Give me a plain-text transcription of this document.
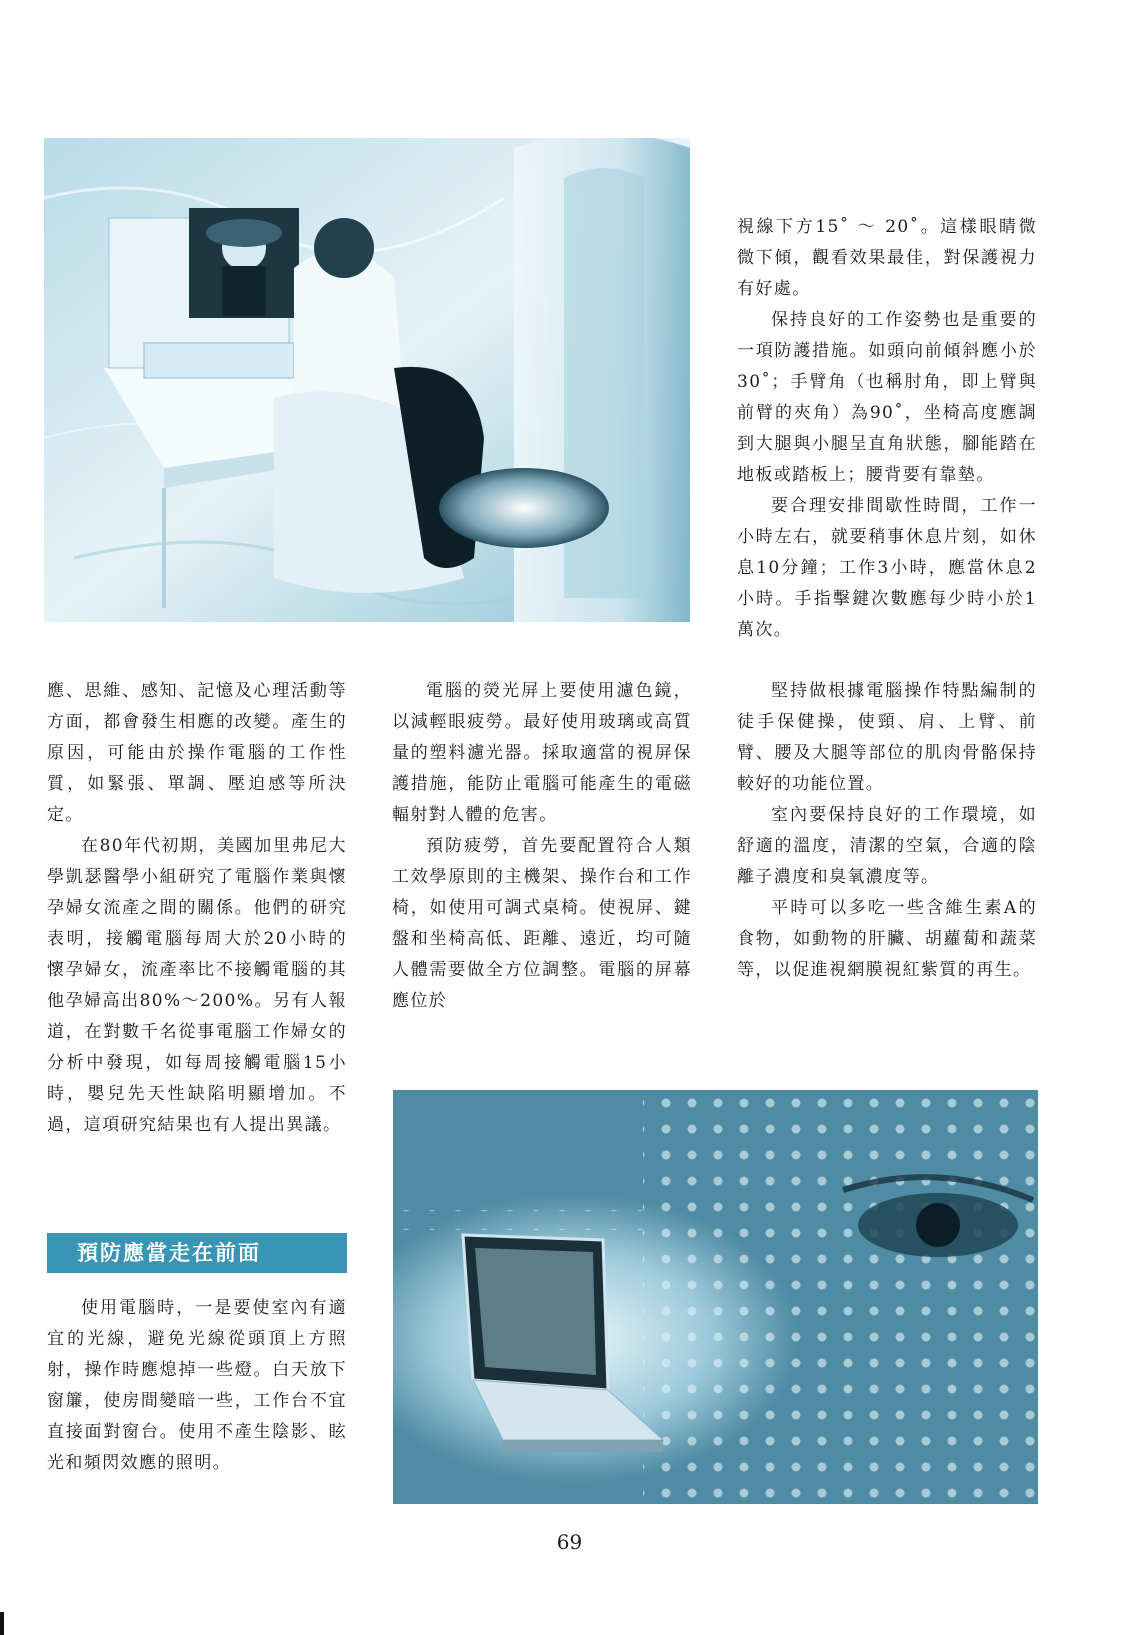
視線下方15˚ ～ 20˚。這樣眼睛微微下傾，觀看效果最佳，對保護視力有好處。

保持良好的工作姿勢也是重要的一項防護措施。如頭向前傾斜應小於30˚；手臂角（也稱肘角，即上臂與前臂的夾角）為90˚，坐椅高度應調到大腿與小腿呈直角狀態，腳能踏在地板或踏板上；腰背要有靠墊。

要合理安排間歇性時間，工作一小時左右，就要稍事休息片刻，如休息10分鐘；工作3小時，應當休息2小時。手指擊鍵次數應每少時小於1萬次。

應、思維、感知、記憶及心理活動等方面，都會發生相應的改變。產生的原因，可能由於操作電腦的工作性質，如緊張、單調、壓迫感等所決定。

在80年代初期，美國加里弗尼大學凱瑟醫學小組研究了電腦作業與懷孕婦女流產之間的關係。他們的研究表明，接觸電腦每周大於20小時的懷孕婦女，流產率比不接觸電腦的其他孕婦高出80%～200%。另有人報道，在對數千名從事電腦工作婦女的分析中發現，如每周接觸電腦15小時，嬰兒先天性缺陷明顯增加。不過，這項研究結果也有人提出異議。

預防應當走在前面

使用電腦時，一是要使室內有適宜的光線，避免光線從頭頂上方照射，操作時應熄掉一些燈。白天放下窗簾，使房間變暗一些，工作台不宜直接面對窗台。使用不產生陰影、眩光和頻閃效應的照明。

電腦的熒光屏上要使用濾色鏡，以減輕眼疲勞。最好使用玻璃或高質量的塑料濾光器。採取適當的視屏保護措施，能防止電腦可能產生的電磁輻射對人體的危害。

預防疲勞，首先要配置符合人類工效學原則的主機架、操作台和工作椅，如使用可調式桌椅。使視屏、鍵盤和坐椅高低、距離、遠近，均可隨人體需要做全方位調整。電腦的屏幕應位於

堅持做根據電腦操作特點編制的徒手保健操，使頸、肩、上臂、前臂、腰及大腿等部位的肌肉骨骼保持較好的功能位置。

室內要保持良好的工作環境，如舒適的溫度，清潔的空氣，合適的陰離子濃度和臭氧濃度等。

平時可以多吃一些含維生素A的食物，如動物的肝臟、胡蘿蔔和蔬菜等，以促進視網膜視紅紫質的再生。

69
